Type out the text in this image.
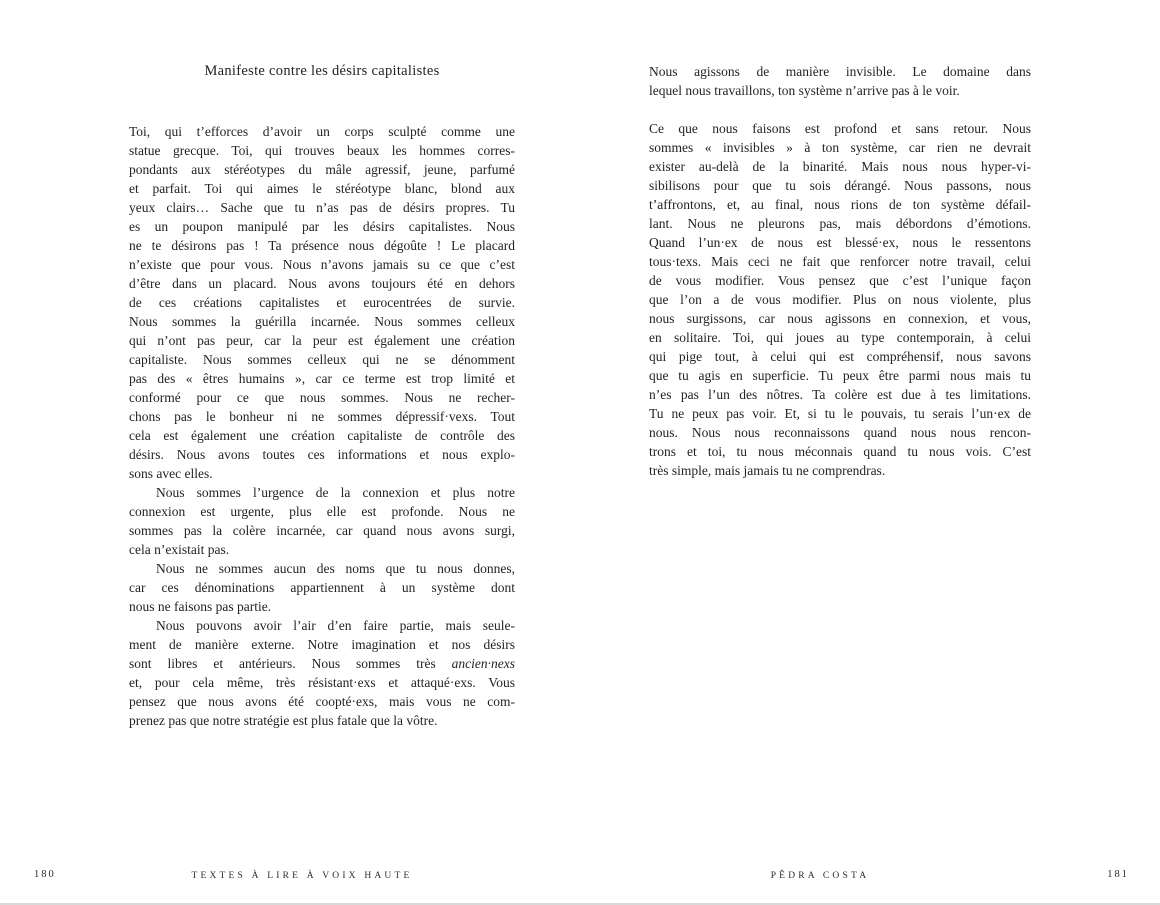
Manifeste contre les désirs capitalistes
Toi, qui t’efforces d’avoir un corps sculpté comme une
statue grecque. Toi, qui trouves beaux les hommes corres-
pondants aux stéréotypes du mâle agressif, jeune, parfumé
et parfait. Toi qui aimes le stéréotype blanc, blond aux
yeux clairs… Sache que tu n’as pas de désirs propres. Tu
es un poupon manipulé par les désirs capitalistes. Nous
ne te désirons pas ! Ta présence nous dégoûte ! Le placard
n’existe que pour vous. Nous n’avons jamais su ce que c’est
d’être dans un placard. Nous avons toujours été en dehors
de ces créations capitalistes et eurocentrées de survie.
Nous sommes la guérilla incarnée. Nous sommes celleux
qui n’ont pas peur, car la peur est également une création
capitaliste. Nous sommes celleux qui ne se dénomment
pas des « êtres humains », car ce terme est trop limité et
conformé pour ce que nous sommes. Nous ne recher-
chons pas le bonheur ni ne sommes dépressif·vexs. Tout
cela est également une création capitaliste de contrôle des
désirs. Nous avons toutes ces informations et nous explo-
sons avec elles.
Nous sommes l’urgence de la connexion et plus notre
connexion est urgente, plus elle est profonde. Nous ne
sommes pas la colère incarnée, car quand nous avons surgi,
cela n’existait pas.
Nous ne sommes aucun des noms que tu nous donnes,
car ces dénominations appartiennent à un système dont
nous ne faisons pas partie.
Nous pouvons avoir l’air d’en faire partie, mais seule-
ment de manière externe. Notre imagination et nos désirs
sont libres et antérieurs. Nous sommes très ancien·nexs
et, pour cela même, très résistant·exs et attaqué·exs. Vous
pensez que nous avons été coopté·exs, mais vous ne com-
prenez pas que notre stratégie est plus fatale que la vôtre.
Nous agissons de manière invisible. Le domaine dans
lequel nous travaillons, ton système n’arrive pas à le voir.
Ce que nous faisons est profond et sans retour. Nous
sommes « invisibles » à ton système, car rien ne devrait
exister au-delà de la binarité. Mais nous nous hyper-vi-
sibilisons pour que tu sois dérangé. Nous passons, nous
t’affrontons, et, au final, nous rions de ton système défail-
lant. Nous ne pleurons pas, mais débordons d’émotions.
Quand l’un·ex de nous est blessé·ex, nous le ressentons
tous·texs. Mais ceci ne fait que renforcer notre travail, celui
de vous modifier. Vous pensez que c’est l’unique façon
que l’on a de vous modifier. Plus on nous violente, plus
nous surgissons, car nous agissons en connexion, et vous,
en solitaire. Toi, qui joues au type contemporain, à celui
qui pige tout, à celui qui est compréhensif, nous savons
que tu agis en superficie. Tu peux être parmi nous mais tu
n’es pas l’un des nôtres. Ta colère est due à tes limitations.
Tu ne peux pas voir. Et, si tu le pouvais, tu serais l’un·ex de
nous. Nous nous reconnaissons quand nous nous rencon-
trons et toi, tu nous méconnais quand tu nous vois. C’est
très simple, mais jamais tu ne comprendras.
180	TEXTES À LIRE À VOIX HAUTE	PÊDRA COSTA	181
